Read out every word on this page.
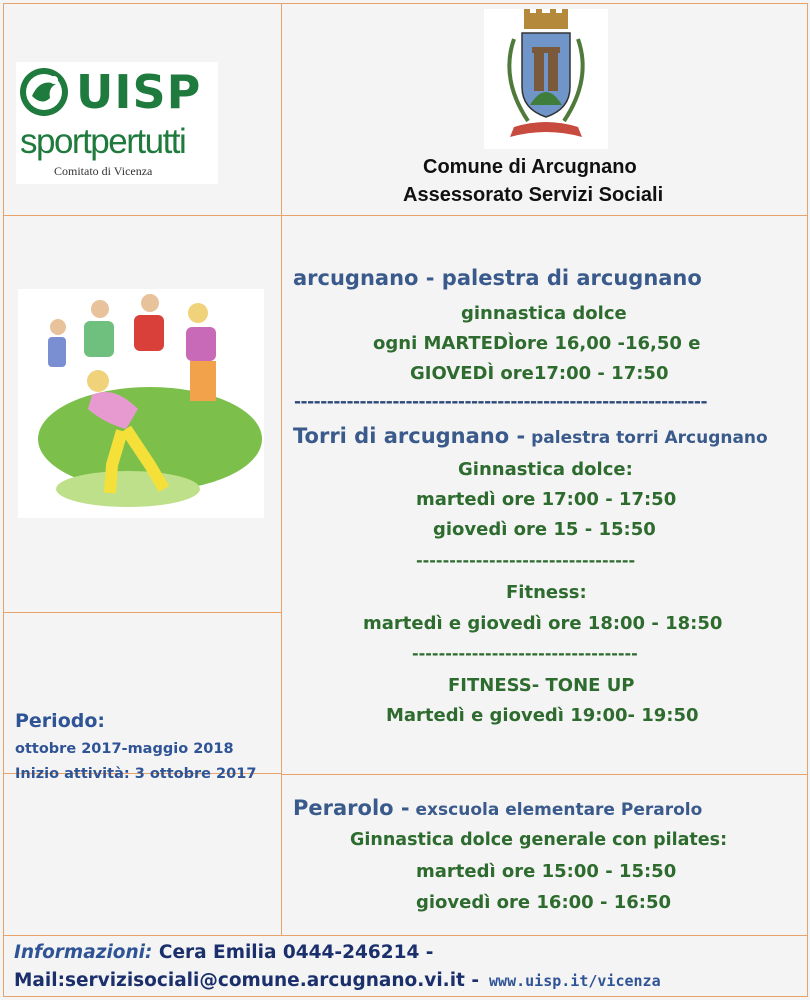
UISP
sportpertutti
Comitato di Vicenza	Comune di Arcugnano

Assessorato Servizi Sociali
Periodo:
ottobre 2017-maggio 2018
Inizio attività: 3 ottobre 2017
arcugnano - palestra di arcugnano
ginnastica dolce
ogni MARTEDÌore 16,00 -16,50 e
GIOVEDÌ ore17:00 - 17:50
---------------------------------------------------------------
Torri di arcugnano - palestra torri Arcugnano
Ginnastica dolce:
martedì ore 17:00 - 17:50
giovedì ore 15 - 15:50
---------------------------------
Fitness:
martedì e giovedì ore 18:00 - 18:50
----------------------------------
FITNESS- TONE UP
Martedì e giovedì 19:00- 19:50
Perarolo - exscuola elementare Perarolo
Ginnastica dolce generale con pilates:
martedì ore 15:00 - 15:50
giovedì ore 16:00 - 16:50
Informazioni: Cera Emilia 0444-246214 -
Mail:servizisociali@comune.arcugnano.vi.it - www.uisp.it/vicenza
